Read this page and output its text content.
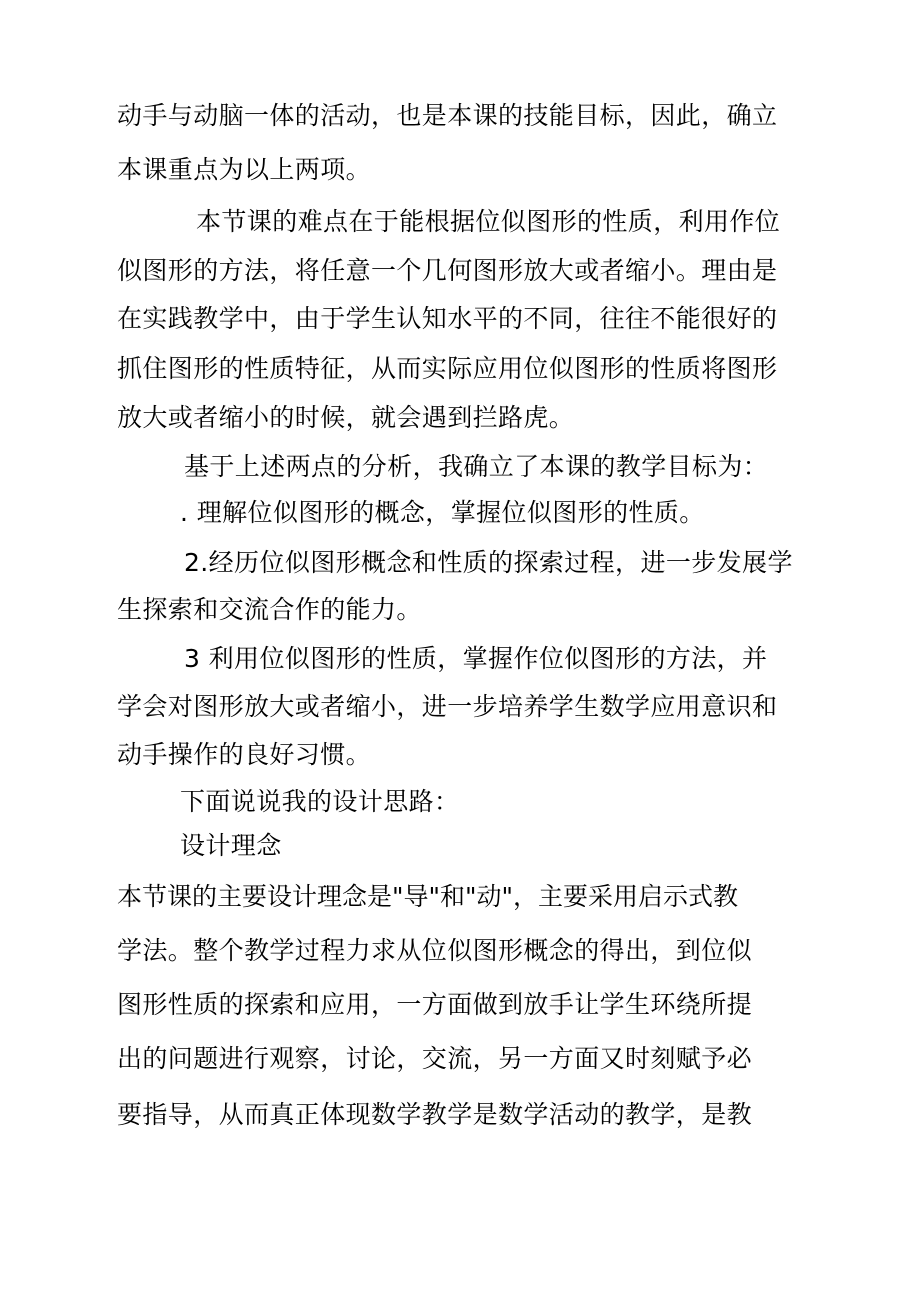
动手与动脑一体的活动，也是本课的技能目标，因此，确立
本课重点为以上两项。
本节课的难点在于能根据位似图形的性质，利用作位
似图形的方法，将任意一个几何图形放大或者缩小。理由是
在实践教学中，由于学生认知水平的不同，往往不能很好的
抓住图形的性质特征，从而实际应用位似图形的性质将图形
放大或者缩小的时候，就会遇到拦路虎。
基于上述两点的分析，我确立了本课的教学目标为：
. 理解位似图形的概念，掌握位似图形的性质。
2.经历位似图形概念和性质的探索过程，进一步发展学
生探索和交流合作的能力。
3 利用位似图形的性质，掌握作位似图形的方法，并
学会对图形放大或者缩小，进一步培养学生数学应用意识和
动手操作的良好习惯。
下面说说我的设计思路：
设计理念
本节课的主要设计理念是"导"和"动"，主要采用启示式教
学法。整个教学过程力求从位似图形概念的得出，到位似
图形性质的探索和应用，一方面做到放手让学生环绕所提
出的问题进行观察，讨论，交流，另一方面又时刻赋予必
要指导，从而真正体现数学教学是数学活动的教学，是教
